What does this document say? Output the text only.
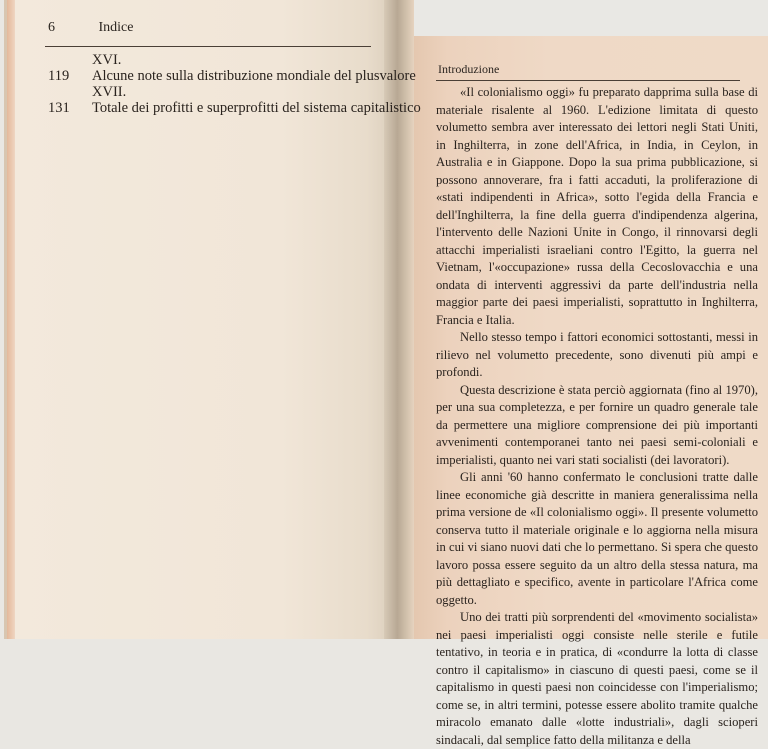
6	Indice
XVI.
119 Alcune note sulla distribuzione mondiale del plusvalore
XVII.
131 Totale dei profitti e superprofitti del sistema capitalistico
Introduzione

«Il colonialismo oggi» fu preparato dapprima sulla base di materiale risalente al 1960. L'edizione limitata di questo volumetto sembra aver interessato dei lettori negli Stati Uniti, in Inghilterra, in zone dell'Africa, in India, in Ceylon, in Australia e in Giappone. Dopo la sua prima pubblicazione, si possono annoverare, fra i fatti accaduti, la proliferazione di «stati indipendenti in Africa», sotto l'egida della Francia e dell'Inghilterra, la fine della guerra d'indipendenza algerina, l'intervento delle Nazioni Unite in Congo, il rinnovarsi degli attacchi imperialisti israeliani contro l'Egitto, la guerra nel Vietnam, l'«occupazione» russa della Cecoslovacchia e una ondata di interventi aggressivi da parte dell'industria nella maggior parte dei paesi imperialisti, soprattutto in Inghilterra, Francia e Italia.

Nello stesso tempo i fattori economici sottostanti, messi in rilievo nel volumetto precedente, sono divenuti più ampi e profondi.

Questa descrizione è stata perciò aggiornata (fino al 1970), per una sua completezza, e per fornire un quadro generale tale da permettere una migliore comprensione dei più importanti avvenimenti contemporanei tanto nei paesi semi-coloniali e imperialisti, quanto nei vari stati socialisti (dei lavoratori).

Gli anni '60 hanno confermato le conclusioni tratte dalle linee economiche già descritte in maniera generalissima nella prima versione de «Il colonialismo oggi». Il presente volumetto conserva tutto il materiale originale e lo aggiorna nella misura in cui vi siano nuovi dati che lo permettano. Si spera che questo lavoro possa essere seguito da un altro della stessa natura, ma più dettagliato e specifico, avente in particolare l'Africa come oggetto.

Uno dei tratti più sorprendenti del «movimento socialista» nei paesi imperialisti oggi consiste nelle sterile e futile tentativo, in teoria e in pratica, di «condurre la lotta di classe contro il capitalismo» in ciascuno di questi paesi, come se il capitalismo in questi paesi non coincidesse con l'imperialismo; come se, in altri termini, potesse essere abolito tramite qualche miracolo emanato dalle «lotte industriali», dagli scioperi sindacali, dal semplice fatto della militanza e della
